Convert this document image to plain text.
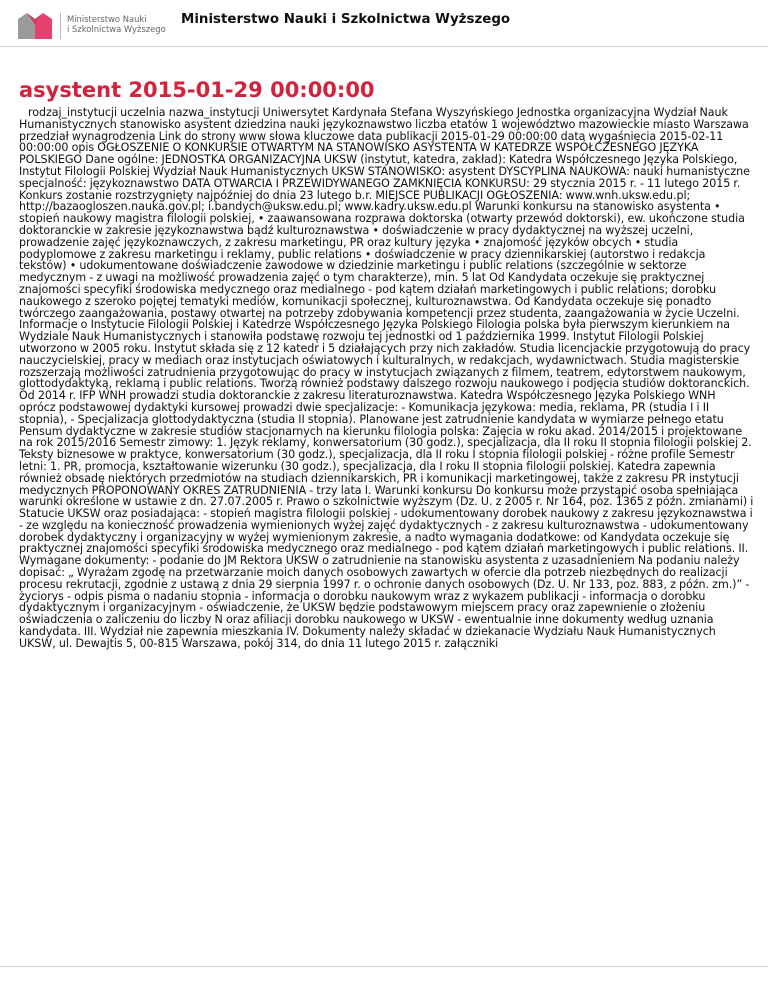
Ministerstwo Nauki
i Szkolnictwa Wyższego
Ministerstwo Nauki i Szkolnictwa Wyższego
asystent 2015-01-29 00:00:00

rodzaj_instytucji uczelnia nazwa_instytucji Uniwersytet Kardynała Stefana Wyszyńskiego Jednostka organizacyjna Wydział Nauk Humanistycznych stanowisko asystent dziedzina nauki językoznawstwo liczba etatów 1 województwo mazowieckie miasto Warszawa przedział wynagrodzenia Link do strony www słowa kluczowe data publikacji 2015-01-29 00:00:00 data wygaśnięcia 2015-02-11 00:00:00 opis OGŁOSZENIE O KONKURSIE OTWARTYM NA STANOWISKO ASYSTENTA W KATEDRZE WSPÓŁCZESNEGO JĘZYKA POLSKIEGO Dane ogólne: JEDNOSTKA ORGANIZACYJNA UKSW (instytut, katedra, zakład): Katedra Współczesnego Języka Polskiego, Instytut Filologii Polskiej Wydział Nauk Humanistycznych UKSW STANOWISKO: asystent DYSCYPLINA NAUKOWA: nauki humanistyczne specjalność: językoznawstwo DATA OTWARCIA I PRZEWIDYWANEGO ZAMKNIĘCIA KONKURSU: 29 stycznia 2015 r. - 11 lutego 2015 r. Konkurs zostanie rozstrzygnięty najpóźniej do dnia 23 lutego b.r. MIEJSCE PUBLIKACJI OGŁOSZENIA: www.wnh.uksw.edu.pl; http://bazaogloszen.nauka.gov.pl; i.bandych@uksw.edu.pl; www.kadry.uksw.edu.pl Warunki konkursu na stanowisko asystenta • stopień naukowy magistra filologii polskiej, • zaawansowana rozprawa doktorska (otwarty przewód doktorski), ew. ukończone studia doktoranckie w zakresie językoznawstwa bądź kulturoznawstwa • doświadczenie w pracy dydaktycznej na wyższej uczelni, prowadzenie zajęć językoznawczych, z zakresu marketingu, PR oraz kultury języka • znajomość języków obcych • studia podyplomowe z zakresu marketingu i reklamy, public relations • doświadczenie w pracy dziennikarskiej (autorstwo i redakcja tekstów) • udokumentowane doświadczenie zawodowe w dziedzinie marketingu i public relations (szczególnie w sektorze medycznym - z uwagi na możliwość prowadzenia zajęć o tym charakterze), min. 5 lat Od Kandydata oczekuje się praktycznej znajomości specyfiki środowiska medycznego oraz medialnego - pod kątem działań marketingowych i public relations; dorobku naukowego z szeroko pojętej tematyki mediów, komunikacji społecznej, kulturoznawstwa. Od Kandydata oczekuje się ponadto twórczego zaangażowania, postawy otwartej na potrzeby zdobywania kompetencji przez studenta, zaangażowania w życie Uczelni. Informacje o Instytucie Filologii Polskiej i Katedrze Współczesnego Języka Polskiego Filologia polska była pierwszym kierunkiem na Wydziale Nauk Humanistycznych i stanowiła podstawę rozwoju tej jednostki od 1 października 1999. Instytut Filologii Polskiej utworzono w 2005 roku. Instytut składa się z 12 katedr i 5 działających przy nich zakładów. Studia licencjackie przygotowują do pracy nauczycielskiej, pracy w mediach oraz instytucjach oświatowych i kulturalnych, w redakcjach, wydawnictwach. Studia magisterskie rozszerzają możliwości zatrudnienia przygotowując do pracy w instytucjach związanych z filmem, teatrem, edytorstwem naukowym, glottodydaktyką, reklamą i public relations. Tworzą również podstawy dalszego rozwoju naukowego i podjęcia studiów doktoranckich. Od 2014 r. IFP WNH prowadzi studia doktoranckie z zakresu literaturoznawstwa. Katedra Współczesnego Języka Polskiego WNH oprócz podstawowej dydaktyki kursowej prowadzi dwie specjalizacje: - Komunikacja językowa: media, reklama, PR (studia I i II stopnia), - Specjalizacja glottodydaktyczna (studia II stopnia). Planowane jest zatrudnienie kandydata w wymiarze pełnego etatu Pensum dydaktyczne w zakresie studiów stacjonarnych na kierunku filologia polska: Zajęcia w roku akad. 2014/2015 i projektowane na rok 2015/2016 Semestr zimowy: 1. Język reklamy, konwersatorium (30 godz.), specjalizacja, dla II roku II stopnia filologii polskiej 2. Teksty biznesowe w praktyce, konwersatorium (30 godz.), specjalizacja, dla II roku I stopnia filologii polskiej - różne profile Semestr letni: 1. PR, promocja, kształtowanie wizerunku (30 godz.), specjalizacja, dla I roku II stopnia filologii polskiej. Katedra zapewnia również obsadę niektórych przedmiotów na studiach dziennikarskich, PR i komunikacji marketingowej, także z zakresu PR instytucji medycznych PROPONOWANY OKRES ZATRUDNIENIA - trzy lata I. Warunki konkursu Do konkursu może przystąpić osoba spełniająca warunki określone w ustawie z dn. 27.07.2005 r. Prawo o szkolnictwie wyższym (Dz. U. z 2005 r. Nr 164, poz. 1365 z późn. zmianami) i Statucie UKSW oraz posiadająca: - stopień magistra filologii polskiej - udokumentowany dorobek naukowy z zakresu językoznawstwa i - ze względu na konieczność prowadzenia wymienionych wyżej zajęć dydaktycznych - z zakresu kulturoznawstwa - udokumentowany dorobek dydaktyczny i organizacyjny w wyżej wymienionym zakresie, a nadto wymagania dodatkowe: od Kandydata oczekuje się praktycznej znajomości specyfiki środowiska medycznego oraz medialnego - pod kątem działań marketingowych i public relations. II. Wymagane dokumenty: - podanie do JM Rektora UKSW o zatrudnienie na stanowisku asystenta z uzasadnieniem Na podaniu należy dopisać: „ Wyrażam zgodę na przetwarzanie moich danych osobowych zawartych w ofercie dla potrzeb niezbędnych do realizacji procesu rekrutacji, zgodnie z ustawą z dnia 29 sierpnia 1997 r. o ochronie danych osobowych (Dz. U. Nr 133, poz. 883, z późn. zm.)” - życiorys - odpis pisma o nadaniu stopnia - informacja o dorobku naukowym wraz z wykazem publikacji - informacja o dorobku dydaktycznym i organizacyjnym - oświadczenie, że UKSW będzie podstawowym miejscem pracy oraz zapewnienie o złożeniu oświadczenia o zaliczeniu do liczby N oraz afiliacji dorobku naukowego w UKSW - ewentualnie inne dokumenty według uznania kandydata. III. Wydział nie zapewnia mieszkania IV. Dokumenty należy składać w dziekanacie Wydziału Nauk Humanistycznych UKSW, ul. Dewajtis 5, 00-815 Warszawa, pokój 314, do dnia 11 lutego 2015 r. załączniki
